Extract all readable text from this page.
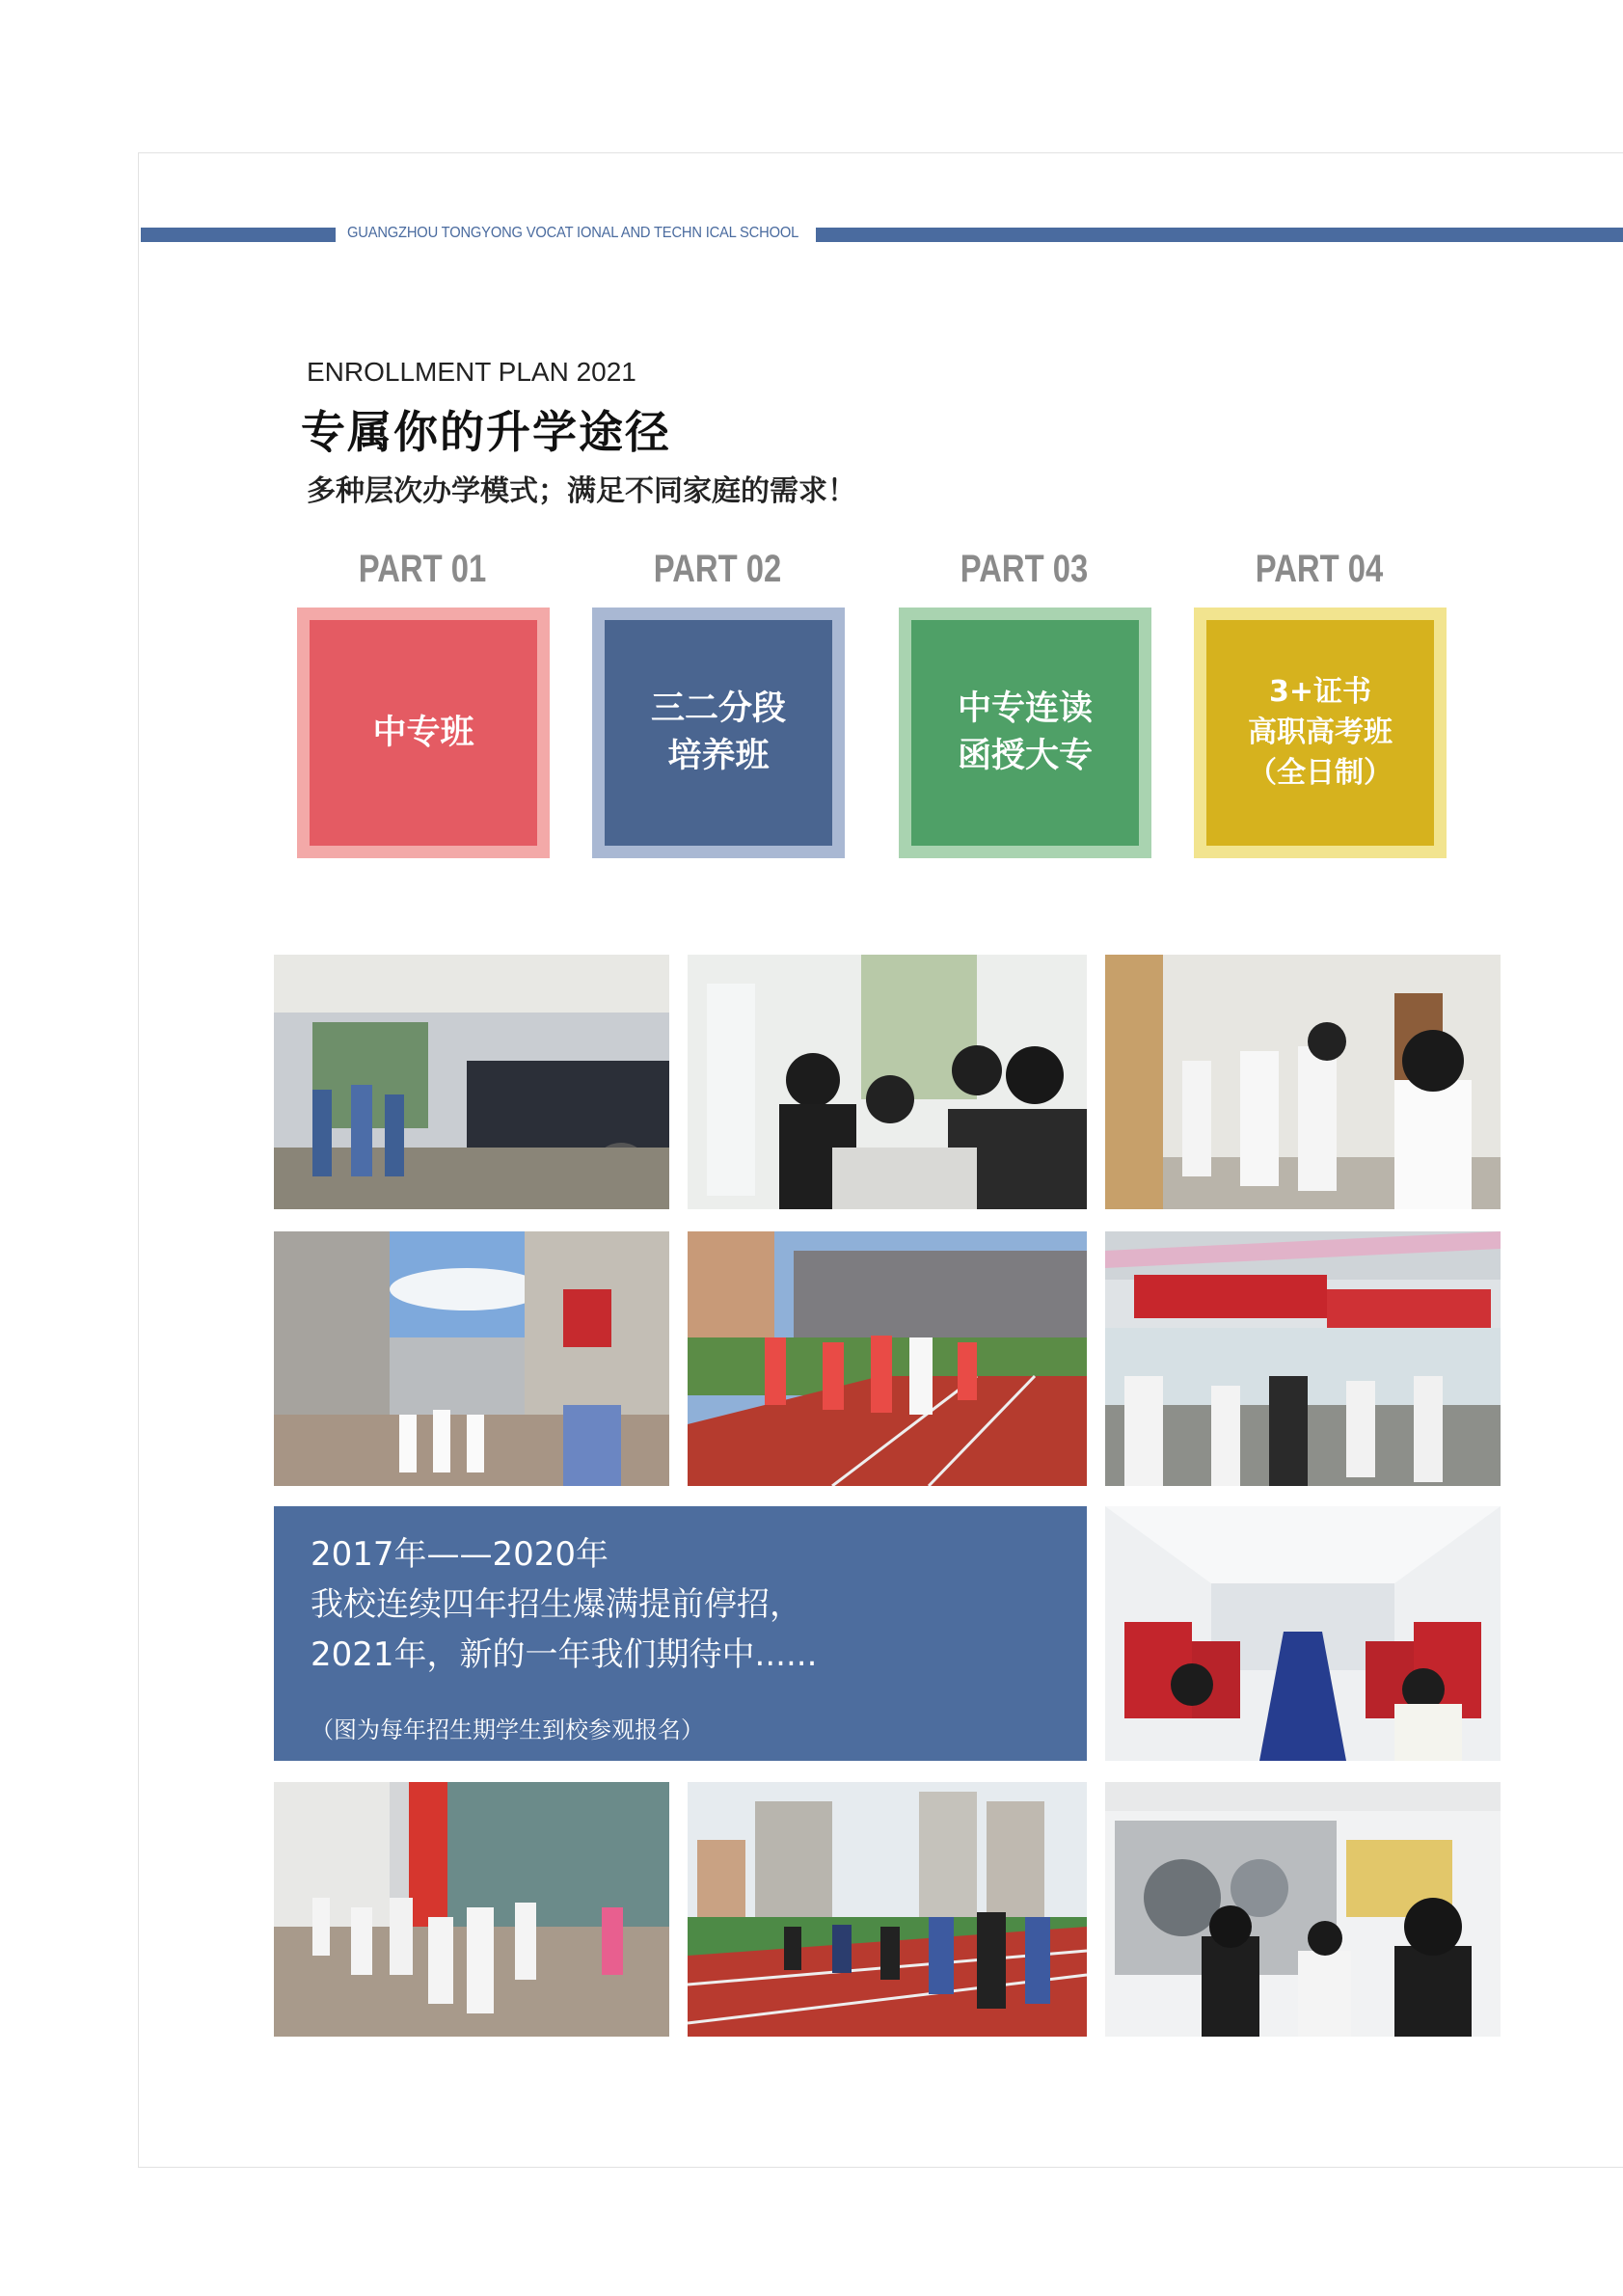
GUANGZHOU TONGYONG VOCAT IONAL AND TECHN ICAL SCHOOL
ENROLLMENT PLAN 2021
专属你的升学途径
多种层次办学模式；满足不同家庭的需求！
PART 01
中专班
PART 02
三二分段
培养班
PART 03
中专连读
函授大专
PART 04
3+证书
高职高考班
（全日制）
2017年——2020年
我校连续四年招生爆满提前停招，
2021年，新的一年我们期待中......
（图为每年招生期学生到校参观报名）
